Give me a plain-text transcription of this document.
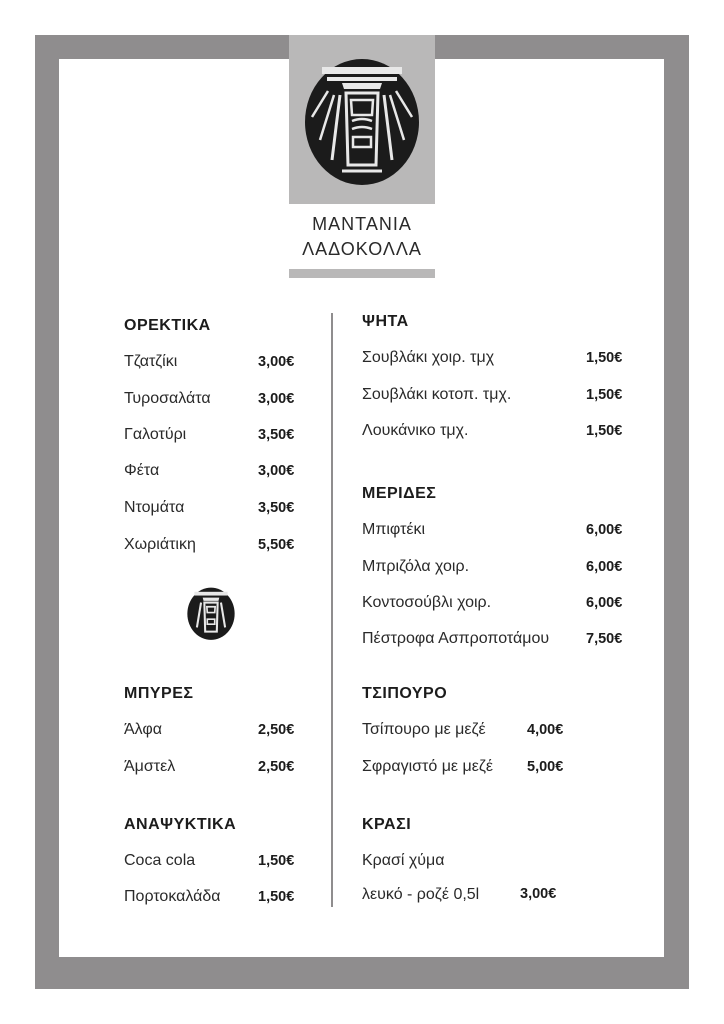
ΜΑΝΤΑΝΙΑ
ΛΑΔΟΚΟΛΛΑ
ΟΡΕΚΤΙΚΑ
Τζατζίκι	3,00€
Τυροσαλάτα	3,00€
Γαλοτύρι	3,50€
Φέτα	3,00€
Ντομάτα	3,50€
Χωριάτικη	5,50€
ΜΠΥΡΕΣ
Άλφα	2,50€
Άμστελ	2,50€
ΑΝΑΨΥΚΤΙΚΑ
Coca cola	1,50€
Πορτοκαλάδα	1,50€
ΨΗΤΑ
Σουβλάκι χοιρ. τμχ	1,50€
Σουβλάκι κοτοπ. τμχ.	1,50€
Λουκάνικο τμχ.	1,50€
ΜΕΡΙΔΕΣ
Μπιφτέκι	6,00€
Μπριζόλα χοιρ.	6,00€
Κοντοσούβλι χοιρ.	6,00€
Πέστροφα Ασπροποτάμου	7,50€
ΤΣΙΠΟΥΡΟ
Τσίπουρο με μεζέ	4,00€
Σφραγιστό με μεζέ 5,00€
ΚΡΑΣΙ
Κρασί χύμα
λευκό - ροζέ 0,5l	3,00€
